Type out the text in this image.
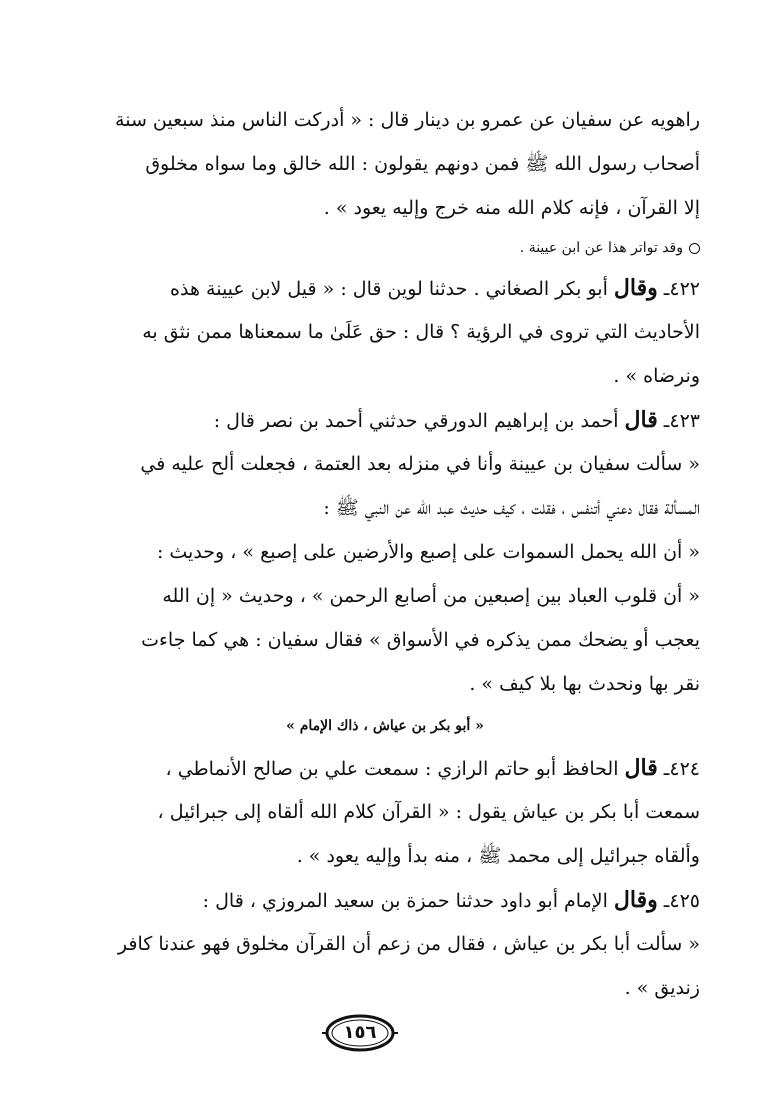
راهويه عن سفيان عن عمرو بن دينار قال : « أدركت الناس منذ سبعين سنة
أصحاب رسول الله ﷺ فمن دونهم يقولون : الله خالق وما سواه مخلوق
إلا القرآن ، فإنه كلام الله منه خرج وإليه يعود » .
وقد تواتر هذا عن ابن عيينة .
٤٢٢ـ وقال أبو بكر الصغاني . حدثنا لوين قال : « قيل لابن عيينة هذه
الأحاديث التي تروى في الرؤية ؟ قال : حق عَلَىٰ ما سمعناها ممن نثق به
ونرضاه » .
٤٢٣ـ قال أحمد بن إبراهيم الدورقي حدثني أحمد بن نصر قال :
« سألت سفيان بن عيينة وأنا في منزله بعد العتمة ، فجعلت ألح عليه في
المسألة فقال دعني أتنفس ، فقلت ، كيف حديث عبد الله عن النبي ﷺ :
« أن الله يحمل السموات على إصبع والأرضين على إصبع » ، وحديث :
« أن قلوب العباد بين إصبعين من أصابع الرحمن » ، وحديث « إن الله
يعجب أو يضحك ممن يذكره في الأسواق » فقال سفيان : هي كما جاءت
نقر بها ونحدث بها بلا كيف » .
« أبو بكر بن عياش ، ذاك الإمام »
٤٢٤ـ قال الحافظ أبو حاتم الرازي : سمعت علي بن صالح الأنماطي ،
سمعت أبا بكر بن عياش يقول : « القرآن كلام الله ألقاه إلى جبرائيل ،
وألقاه جبرائيل إلى محمد ﷺ ، منه بدأ وإليه يعود » .
٤٢٥ـ وقال الإمام أبو داود حدثنا حمزة بن سعيد المروزي ، قال :
« سألت أبا بكر بن عياش ، فقال من زعم أن القرآن مخلوق فهو عندنا كافر
زنديق » .
١٥٦
